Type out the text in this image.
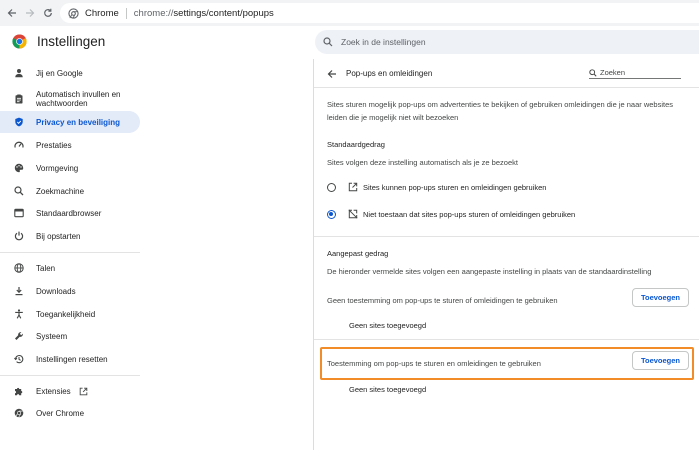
Chrome chrome:// settings/content/popups
Instellingen	Zoek in de instellingen
Jij en Google
Automatisch invullen en wachtwoorden
Privacy en beveiliging
Prestaties
Vormgeving
Zoekmachine
Standaardbrowser
Bij opstarten
Talen
Downloads
Toegankelijkheid
Systeem
Instellingen resetten
Extensies
Over Chrome
Pop-ups en omleidingen	Zoeken
Sites sturen mogelijk pop-ups om advertenties te bekijken of gebruiken omleidingen die je naar websites leiden die je mogelijk niet wilt bezoeken
Standaardgedrag
Sites volgen deze instelling automatisch als je ze bezoekt
Sites kunnen pop-ups sturen en omleidingen gebruiken
Niet toestaan dat sites pop-ups sturen of omleidingen gebruiken
Aangepast gedrag
De hieronder vermelde sites volgen een aangepaste instelling in plaats van de standaardinstelling
Geen toestemming om pop-ups te sturen of omleidingen te gebruiken	Toevoegen
Geen sites toegevoegd
Toestemming om pop-ups te sturen en omleidingen te gebruiken	Toevoegen
Geen sites toegevoegd
